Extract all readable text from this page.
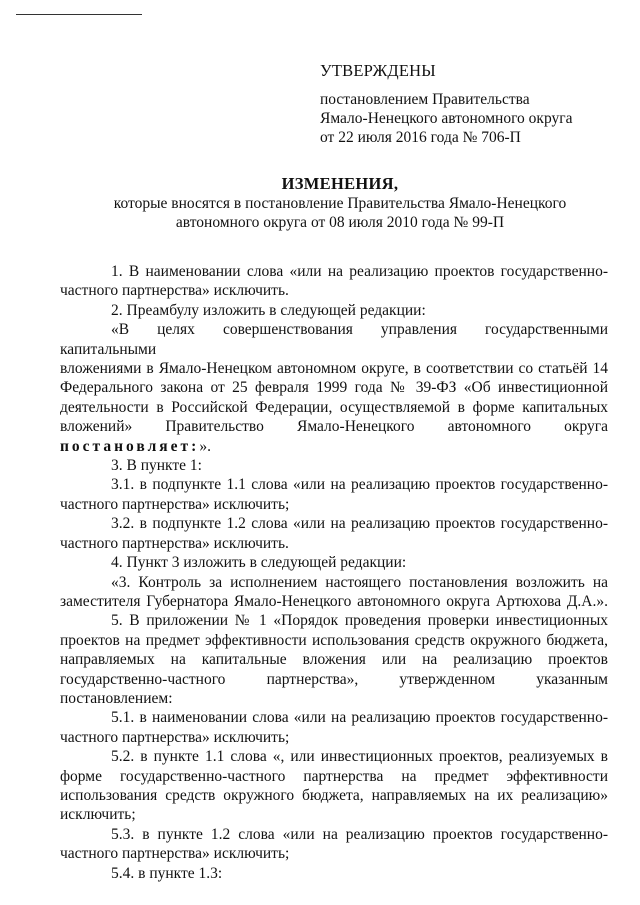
УТВЕРЖДЕНЫ
постановлением Правительства
Ямало-Ненецкого автономного округа
от 22 июля 2016 года № 706-П
ИЗМЕНЕНИЯ,
которые вносятся в постановление Правительства Ямало-Ненецкого
автономного округа от 08 июля 2010 года № 99-П

1. В наименовании слова «или на реализацию проектов государственно-

частного партнерства» исключить.

2. Преамбулу изложить в следующей редакции:

«В целях совершенствования управления государственными капитальными

вложениями в Ямало-Ненецком автономном округе, в соответствии со статьёй 14

Федерального закона от 25 февраля 1999 года № 39-ФЗ «Об инвестиционной

деятельности в Российской Федерации, осуществляемой в форме капитальных

вложений» Правительство Ямало-Ненецкого автономного округа

постановляет:».

3. В пункте 1:

3.1. в подпункте 1.1 слова «или на реализацию проектов государственно-

частного партнерства» исключить;

3.2. в подпункте 1.2 слова «или на реализацию проектов государственно-

частного партнерства» исключить.

4. Пункт 3 изложить в следующей редакции:

«3. Контроль за исполнением настоящего постановления возложить на

заместителя Губернатора Ямало-Ненецкого автономного округа Артюхова Д.А.».

5. В приложении № 1 «Порядок проведения проверки инвестиционных

проектов на предмет эффективности использования средств окружного бюджета,

направляемых на капитальные вложения или на реализацию проектов

государственно-частного партнерства», утвержденном указанным

постановлением:

5.1. в наименовании слова «или на реализацию проектов государственно-

частного партнерства» исключить;

5.2. в пункте 1.1 слова «, или инвестиционных проектов, реализуемых в

форме государственно-частного партнерства на предмет эффективности

использования средств окружного бюджета, направляемых на их реализацию»

исключить;

5.3. в пункте 1.2 слова «или на реализацию проектов государственно-

частного партнерства» исключить;

5.4. в пункте 1.3:
